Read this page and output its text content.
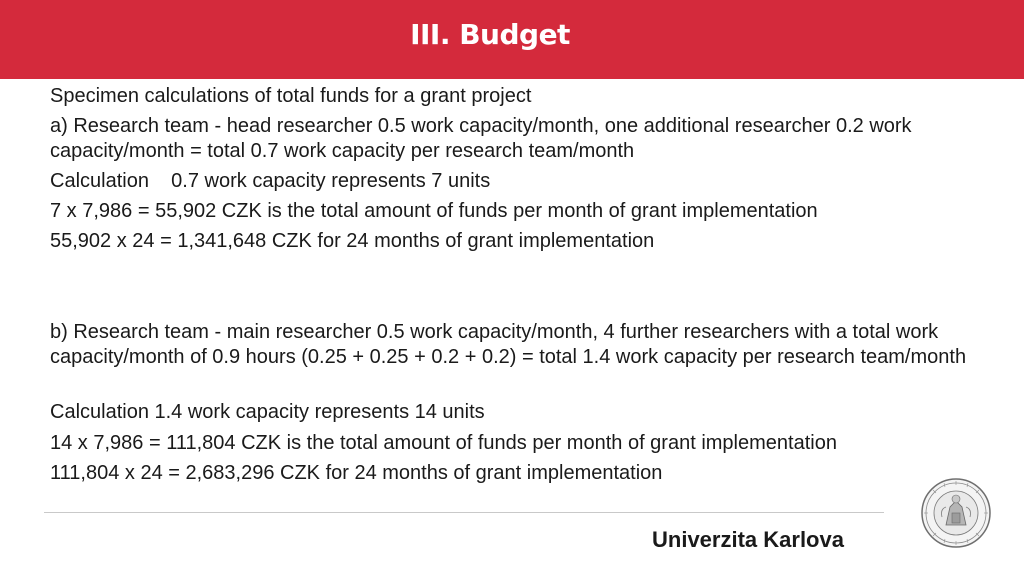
III. Budget

Specimen calculations of total funds for a grant project

a) Research team - head researcher 0.5 work capacity/month, one additional researcher 0.2 work capacity/month = total 0.7 work capacity per research team/month

Calculation    0.7 work capacity represents 7 units

7 x 7,986 = 55,902 CZK is the total amount of funds per month of grant implementation

55,902 x 24 = 1,341,648 CZK for 24 months of grant implementation

b) Research team - main researcher 0.5 work capacity/month, 4 further researchers with a total work capacity/month of 0.9 hours (0.25 + 0.25 + 0.2 + 0.2) = total 1.4 work capacity per research team/month

Calculation 1.4 work capacity represents 14 units

14 x 7,986 = 111,804 CZK is the total amount of funds per month of grant implementation

111,804 x 24 = 2,683,296 CZK for 24 months of grant implementation

Univerzita Karlova
